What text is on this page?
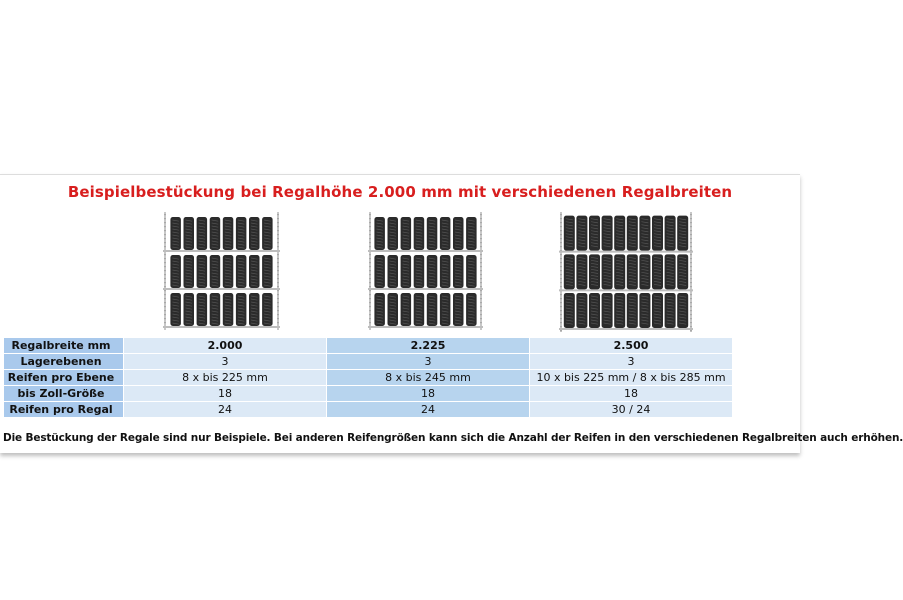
Beispielbestückung bei Regalhöhe 2.000 mm mit verschiedenen Regalbreiten
Regalbreite mm	2.000	2.225	2.500
Lagerebenen	3	3	3
Reifen pro Ebene	8 x bis 225 mm	8 x bis 245 mm	10 x bis 225 mm / 8 x bis 285 mm
bis Zoll-Größe	18	18	18
Reifen pro Regal	24	24	30 / 24
Die Bestückung der Regale sind nur Beispiele. Bei anderen Reifengrößen kann sich die Anzahl der Reifen in den verschiedenen Regalbreiten auch erhöhen.
